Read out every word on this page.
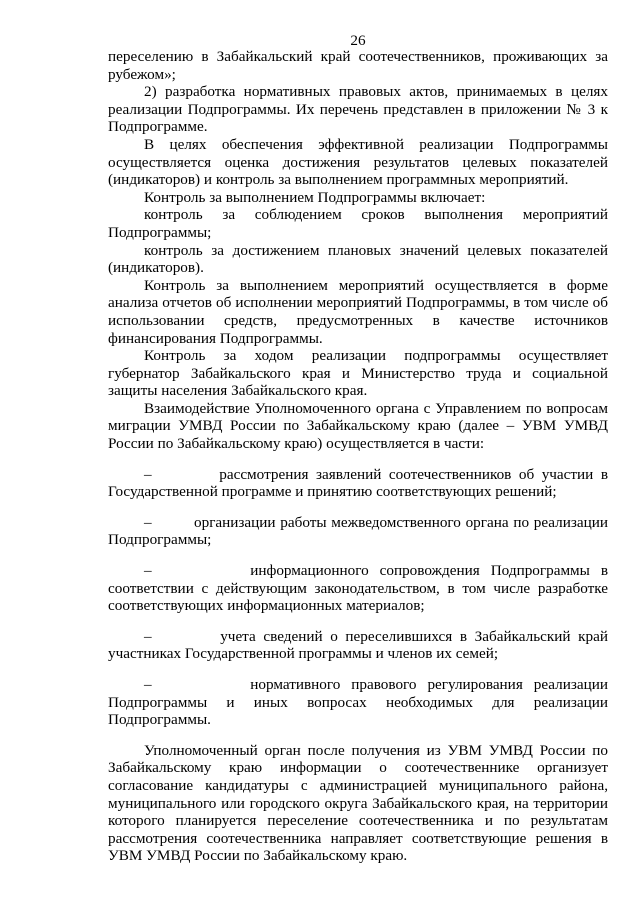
26

переселению в Забайкальский край соотечественников, проживающих за рубежом»;

2) разработка нормативных правовых актов, принимаемых в целях реализации Подпрограммы. Их перечень представлен в приложении № 3 к Подпрограмме.

В целях обеспечения эффективной реализации Подпрограммы осуществляется оценка достижения результатов целевых показателей (индикаторов) и контроль за выполнением программных мероприятий.

Контроль за выполнением Подпрограммы включает:

контроль за соблюдением сроков выполнения мероприятий Подпрограммы;

контроль за достижением плановых значений целевых показателей (индикаторов).

Контроль за выполнением мероприятий осуществляется в форме анализа отчетов об исполнении мероприятий Подпрограммы, в том числе об использовании средств, предусмотренных в качестве источников финансирования Подпрограммы.

Контроль за ходом реализации подпрограммы осуществляет губернатор Забайкальского края и Министерство труда и социальной защиты населения Забайкальского края.

Взаимодействие Уполномоченного органа с Управлением по вопросам миграции УМВД России по Забайкальскому краю (далее – УВМ УМВД России по Забайкальскому краю) осуществляется в части:

–         рассмотрения заявлений соотечественников об участии в Государственной программе и принятию соответствующих решений;

–         организации работы межведомственного органа по реализации Подпрограммы;

–         информационного сопровождения Подпрограммы в соответствии с действующим законодательством, в том числе разработке соответствующих информационных материалов;

–         учета сведений о переселившихся в Забайкальский край участниках Государственной программы и членов их семей;

–         нормативного правового регулирования реализации Подпрограммы и иных вопросах необходимых для реализации Подпрограммы.

Уполномоченный орган после получения из УВМ УМВД России по Забайкальскому краю информации о соотечественнике организует согласование кандидатуры с администрацией муниципального района, муниципального или городского округа Забайкальского края, на территории которого планируется переселение соотечественника и по результатам рассмотрения соотечественника направляет соответствующие решения в УВМ УМВД России по Забайкальскому краю.
